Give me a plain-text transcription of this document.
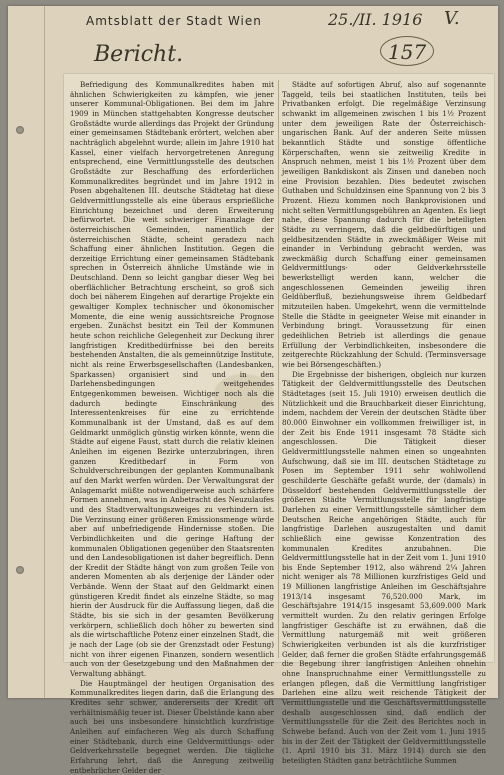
Amtsblatt der Stadt Wien	25./II. 1916 V.
Bericht.	157

Befriedigung des Kommunalkredites haben mit ähnlichen Schwierigkeiten zu kämpfen, wie jener unserer Kommunal-Obligationen. Bei dem im Jahre 1909 in München stattgehabten Kongresse deutscher Großstädte wurde allerdings das Projekt der Gründung einer gemeinsamen Städtebank erörtert, welchen aber nachträglich abgelehnt wurde; allein im Jahre 1910 hat Kassel, einer vielfach hervorgetretenen Anregung entsprechend, eine Vermittlungsstelle des deutschen Großstädte zur Beschaffung des erforderlichen Kommunalkredites begründet und im Jahre 1912 in Posen abgehaltenen III. deutsche Städtetag hat diese Geldvermittlungsstelle als eine überaus ersprießliche Einrichtung bezeichnet und deren Erweiterung befürwortet. Die weit schwieriger Finanzlage der österreichischen Gemeinden, namentlich der österreichischen Städte, scheint geradezu nach Schaffung einer ähnlichen Institution. Gegen die derzeitige Errichtung einer gemeinsamen Städtebank sprechen in Österreich ähnliche Umstände wie in Deutschland. Denn so leicht gangbar dieser Weg bei oberflächlicher Betrachtung erscheint, so groß sich doch bei näherem Eingehen auf derartige Projekte ein gewaltiger Komplex technischer und ökonomischer Momente, die eine wenig aussichtsreiche Prognose ergeben. Zunächst besitzt ein Teil der Kommunen heute schon reichliche Gelegenheit zur Deckung ihrer langfristigen Kreditbedürfnisse bei den bereits bestehenden Anstalten, die als gemeinnützige Institute, nicht als reine Erwerbsgesellschaften (Landesbanken, Sparkassen) organisiert sind und in den Darlehensbedingungen weitgehendes Entgegenkommen beweisen. Wichtiger noch als die dadurch bedingte Einschränkung des Interessentenkreises für eine zu errichtende Kommunalbank ist der Umstand, daß es auf dem Geldmarkt unmöglich günstig wirken könnte, wenn die Städte auf eigene Faust, statt durch die relativ kleinen Anleihen im eigenen Bezirke unterzubringen, ihren ganzen Kreditbedarf in Form von Schuldverschreibungen der geplanten Kommunalbank auf den Markt werfen würden. Der Verwaltungsrat der Anlagemarkt müßte notwendigerweise auch schärfere Formen annehmen, was in Anbetracht des Neuzulaufes und des Stadtverwaltungszweiges zu verhindern ist. Die Verzinsung einer größeren Emissionsmenge würde aber auf unbefriedigende Hindernisse stoßen. Die Verbindlichkeiten und die geringe Haftung der kommunalen Obligationen gegenüber den Staatsrenten und den Landesobligationen ist daher begreiflich. Denn der Kredit der Städte hängt von zum großen Teile von anderen Momenten ab als derjenige der Länder oder Verbände. Wenn der Staat auf den Geldmarkt einen günstigeren Kredit findet als einzelne Städte, so mag hierin der Ausdruck für die Auffassung liegen, daß die Städte, bis sie sich in der gesamten Bevölkerung verkörpern, schließlich doch höher zu bewerten sind als die wirtschaftliche Potenz einer einzelnen Stadt, die je nach der Lage (ob sie der Grenzstadt oder Festung) nicht von ihrer eigenen Finanzen, sondern wesentlich auch von der Gesetzgebung und den Maßnahmen der Verwaltung abhängt.

Die Hauptmängel der heutigen Organisation des Kommunalkredites liegen darin, daß die Erlangung des Kredites sehr schwer, andererseits der Kredit oft verhältnismäßig teuer ist. Dieser Übelstände kann aber auch bei uns insbesondere hinsichtlich kurzfristige Anleihen auf einfacheren Weg als durch Schaffung einer Städtebank, durch eine Geldvermittlungs- oder Geldverkehrsstelle begegnet werden. Die tägliche Erfahrung lehrt, daß die Anregung zeitweilig entbehrlicher Gelder der

Städte auf sofortigen Abruf, also auf sogenannte Taggeld, teils bei staatlichen Instituten, teils bei Privatbanken erfolgt. Die regelmäßige Verzinsung schwankt im allgemeinen zwischen 1 bis 1½ Prozent unter dem jeweiligen Rate der Österreichisch-ungarischen Bank. Auf der anderen Seite müssen bekanntlich Städte und sonstige öffentliche Körperschaften, wenn sie zeitweilig Kredite in Anspruch nehmen, meist 1 bis 1½ Prozent über dem jeweiligen Bankdiskont als Zinsen und daneben noch eine Provision bezahlen. Dies bedeutet zwischen Guthaben und Schuldzinsen eine Spannung von 2 bis 3 Prozent. Hiezu kommen noch Bankprovisionen und nicht selten Vermittlungsgebühren an Agenten. Es liegt nahe, diese Spannung dadurch für die beteiligten Städte zu verringern, daß die geldbedürftigen und geldbesitzenden Städte in zweckmäßiger Weise mit einander in Verbindung gebracht werden, was zweckmäßig durch Schaffung einer gemeinsamen Geldvermittlungs- oder Geldverkehrsstelle bewerkstelligt werden kann, welcher die angeschlossenen Gemeinden jeweilig ihren Geldüberfluß, beziehungsweise ihrem Geldbedarf mitzuteilen haben. Umgekehrt, wenn die vermittelnde Stelle die Städte in geeigneter Weise mit einander in Verbindung bringt. Voraussetzung für einen gedeihlichen Betrieb ist allerdings die genaue Erfüllung der Verbindlichkeiten, insbesondere die zeitgerechte Rückzahlung der Schuld. (Terminsversage wie bei Börsengeschäften.)

Die Ergebnisse der bisherigen, obgleich nur kurzen Tätigkeit der Geldvermittlungsstelle des Deutschen Städtetages (seit 15. Juli 1910) erweisen deutlich die Nützlichkeit und die Brauchbarkeit dieser Einrichtung, indem, nachdem der Verein der deutschen Städte über 80.000 Einwohner ein vollkommen freiwilliger ist, in der Zeit bis Ende 1911 insgesamt 78 Städte sich angeschlossen. Die Tätigkeit dieser Geldvermittlungsstelle nahmen einen so ungeahnten Aufschwung, daß sie im III. deutschen Städtetage zu Posen im September 1911 sehr wohlwollend geschilderte Geschäfte gefaßt wurde, der (damals) in Düsseldorf bestehenden Geldvermittlungsstelle der größeren Städte Vermittlungsstelle für langfristige Darlehen zu einer Vermittlungsstelle sämtlicher dem Deutschen Reiche angehörigen Städte, auch für langfristige Darlehen auszugestalten und damit schließlich eine gewisse Konzentration des kommunalen Kredites anzubahnen. Die Geldvermittlungsstelle hat in der Zeit vom 1. Juni 1910 bis Ende September 1912, also während 2¼ Jahren nicht weniger als 78 Millionen kurzfristiges Geld und 19 Millionen langfristige Anleihen im Geschäftsjahre 1913/14 insgesamt 76,520.000 Mark, im Geschäftsjahre 1914/15 insgesamt 53,609.000 Mark vermittelt wurden. Zu den relativ geringen Erfolge langfristiger Geschäfte ist zu erwähnen, daß die Vermittlung naturgemäß mit weit größeren Schwierigkeiten verbunden ist als die kurzfristiger Gelder, daß ferner die großen Städte erfahrungsgemäß die Begebung ihrer langfristigen Anleihen ohnehin ohne Inanspruchnahme einer Vermittlungsstelle zu erlangen pflegen, daß die Vermittlung langfristiger Darlehen eine allzu weit reichende Tätigkeit der Vermittlungsstelle und die Geschäftsvermittlungsstelle deshalb ausgeschlossen sind, daß endlich der Vermittlungsstelle für die Zeit des Berichtes noch in Schwebe befand. Auch von der Zeit vom 1. Juni 1915 bis in der Zeit der Tätigkeit der Geldvermittlungsstelle (1. April 1910 bis 31. März 1914) durch sie den beteiligten Städten ganz beträchtliche Summen
